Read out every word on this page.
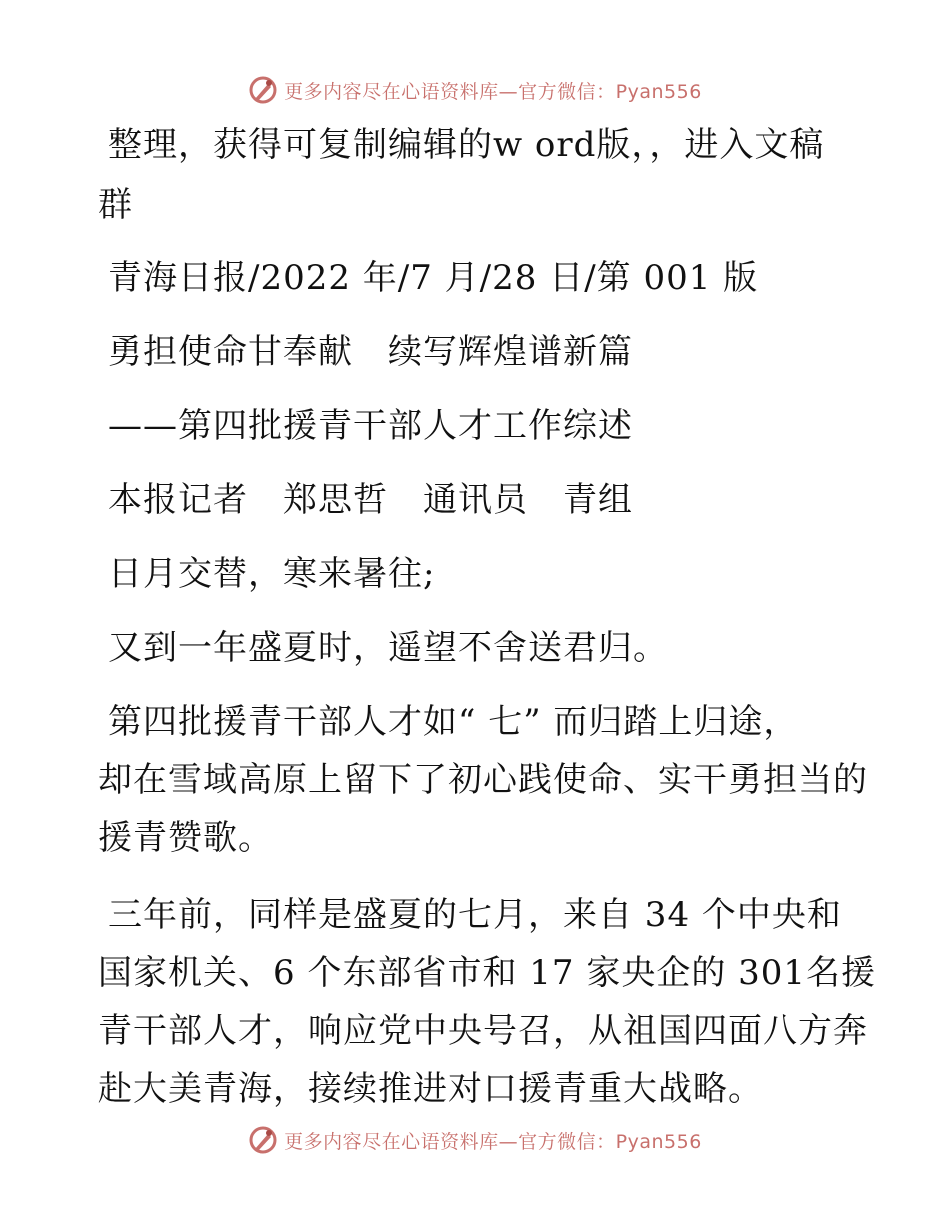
更多内容尽在心语资料库—官方微信：Pyan556
整理，获得可复制编辑的w ord版，，进入文稿
群
青海日报/2022 年/7 月/28 日/第 001 版
勇担使命甘奉献　续写辉煌谱新篇
——第四批援青干部人才工作综述
本报记者　郑思哲　通讯员　青组
日月交替，寒来暑往;
又到一年盛夏时，遥望不舍送君归。
第四批援青干部人才如“ 七” 而归踏上归途，
却在雪域高原上留下了初心践使命、实干勇担当的
援青赞歌。
三年前，同样是盛夏的七月，来自 34 个中央和
国家机关、6 个东部省市和 17 家央企的 301名援
青干部人才，响应党中央号召，从祖国四面八方奔
赴大美青海，接续推进对口援青重大战略。
更多内容尽在心语资料库—官方微信：Pyan556
